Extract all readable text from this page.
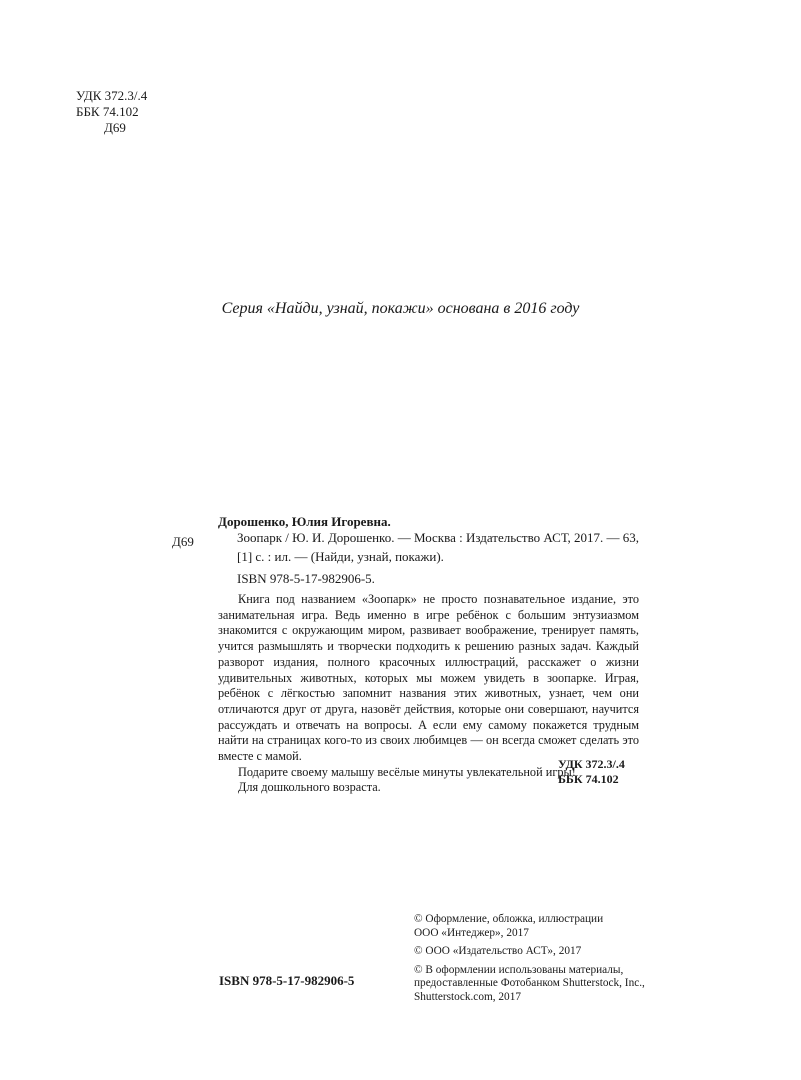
УДК 372.3/.4
ББК 74.102
Д69
Серия «Найди, узнай, покажи» основана в 2016 году
Дорошенко, Юлия Игоревна.
Д69	Зоопарк / Ю. И. Дорошенко. — Москва : Издательство АСТ, 2017. — 63, [1] с. : ил. — (Найди, узнай, покажи).
ISBN 978-5-17-982906-5.

Книга под названием «Зоопарк» не просто познавательное издание, это занимательная игра. Ведь именно в игре ребёнок с большим энтузиазмом знакомится с окружающим миром, развивает воображение, тренирует память, учится размышлять и творчески подходить к решению разных задач. Каждый разворот издания, полного красочных иллюстраций, расскажет о жизни удивительных животных, которых мы можем увидеть в зоопарке. Играя, ребёнок с лёгкостью запомнит названия этих животных, узнает, чем они отличаются друг от друга, назовёт действия, которые они совершают, научится рассуждать и отвечать на вопросы. А если ему самому покажется трудным найти на страницах кого-то из своих любимцев — он всегда сможет сделать это вместе с мамой.

Подарите своему малышу весёлые минуты увлекательной игры!

Для дошкольного возраста.

УДК 372.3/.4
ББК 74.102
© Оформление, обложка, иллюстрации
ООО «Интеджер», 2017
© ООО «Издательство АСТ», 2017
© В оформлении использованы материалы,
предоставленные Фотобанком Shutterstock, Inc.,
Shutterstock.com, 2017
ISBN 978-5-17-982906-5
